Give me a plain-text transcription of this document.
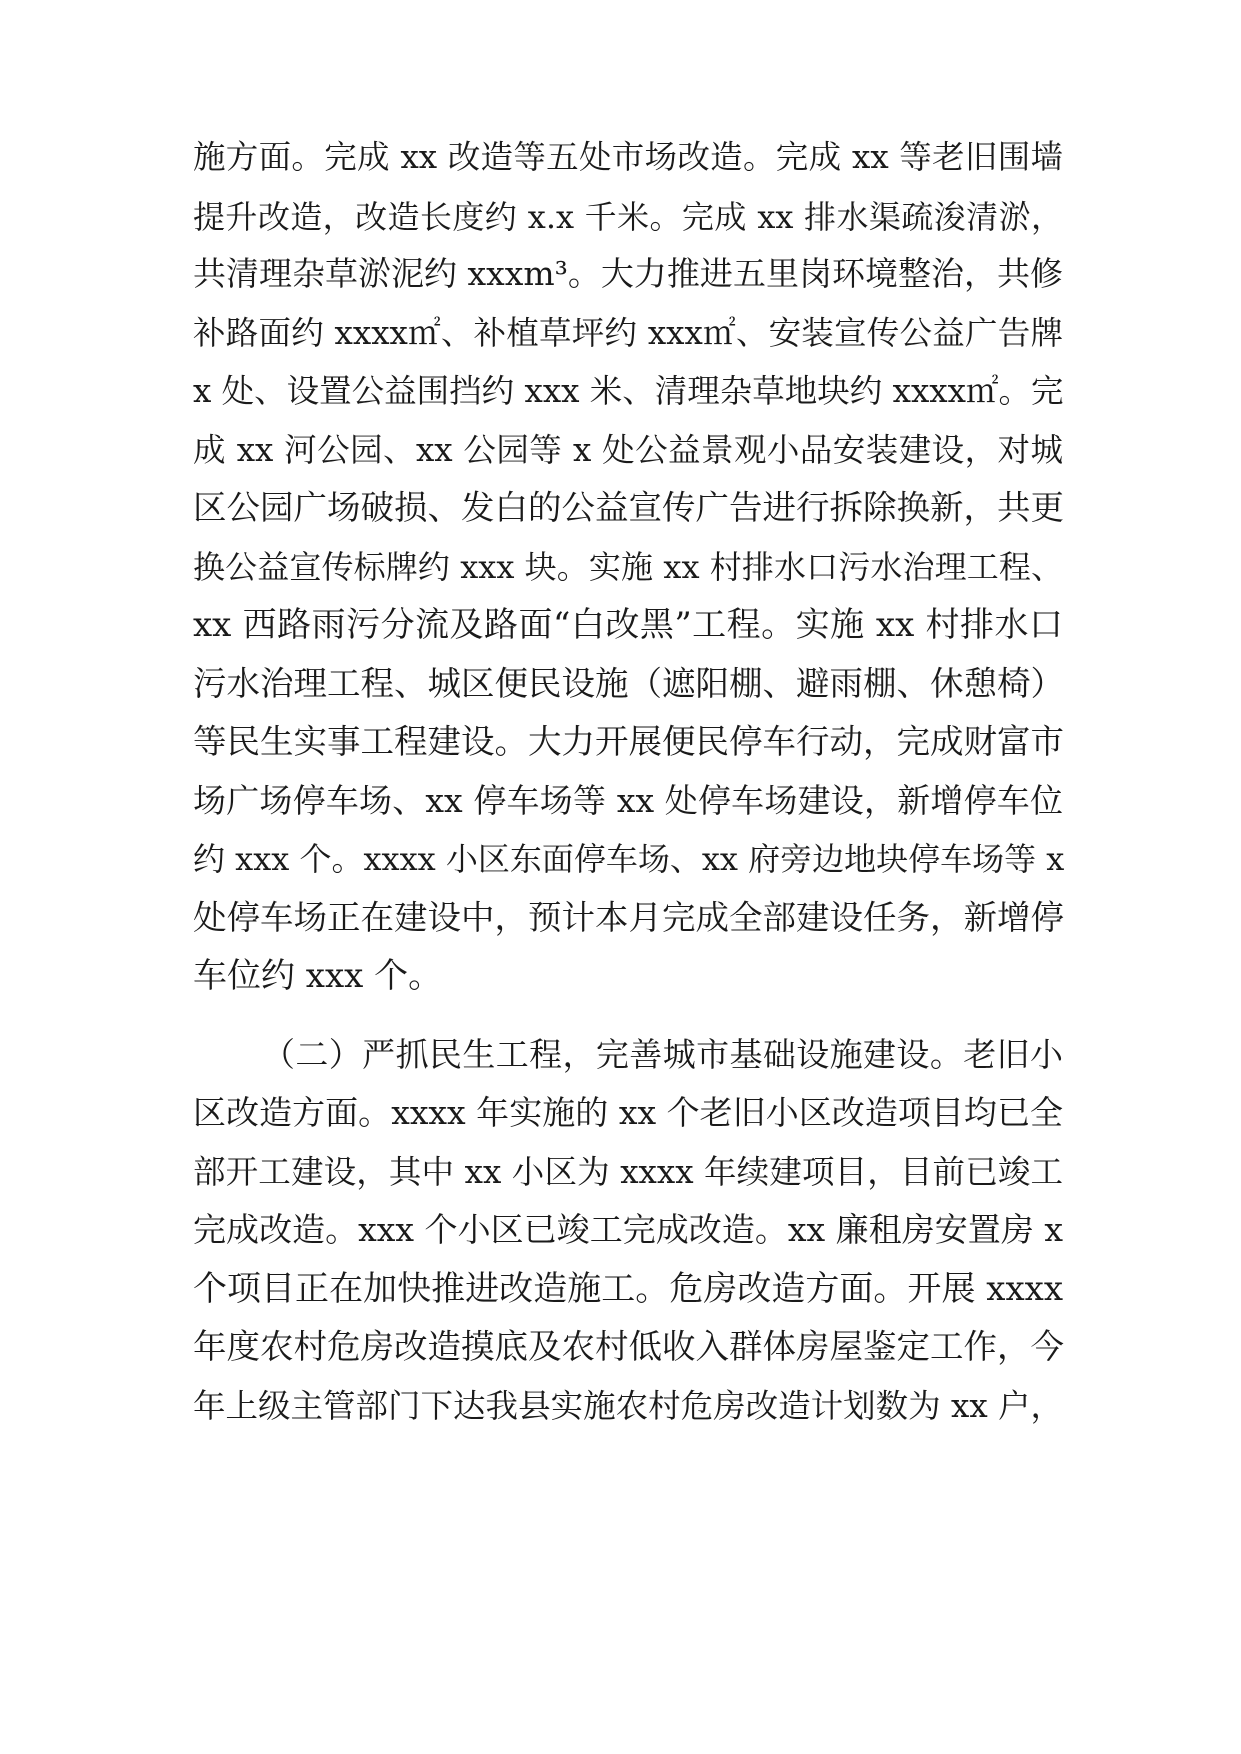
施方面。完成 xx 改造等五处市场改造。完成 xx 等老旧围墙
提升改造，改造长度约 x.x 千米。完成 xx 排水渠疏浚清淤，
共清理杂草淤泥约 xxxm³。大力推进五里岗环境整治，共修
补路面约 xxxx㎡、补植草坪约 xxx㎡、安装宣传公益广告牌
x 处、设置公益围挡约 xxx 米、清理杂草地块约 xxxx㎡。完
成 xx 河公园、xx 公园等 x 处公益景观小品安装建设，对城
区公园广场破损、发白的公益宣传广告进行拆除换新，共更
换公益宣传标牌约 xxx 块。实施 xx 村排水口污水治理工程、
xx 西路雨污分流及路面“白改黑”工程。实施 xx 村排水口
污水治理工程、城区便民设施（遮阳棚、避雨棚、休憩椅）
等民生实事工程建设。大力开展便民停车行动，完成财富市
场广场停车场、xx 停车场等 xx 处停车场建设，新增停车位
约 xxx 个。xxxx 小区东面停车场、xx 府旁边地块停车场等 x
处停车场正在建设中，预计本月完成全部建设任务，新增停
车位约 xxx 个。
（二）严抓民生工程，完善城市基础设施建设。老旧小
区改造方面。xxxx 年实施的 xx 个老旧小区改造项目均已全
部开工建设，其中 xx 小区为 xxxx 年续建项目，目前已竣工
完成改造。xxx 个小区已竣工完成改造。xx 廉租房安置房 x
个项目正在加快推进改造施工。危房改造方面。开展 xxxx
年度农村危房改造摸底及农村低收入群体房屋鉴定工作，今
年上级主管部门下达我县实施农村危房改造计划数为 xx 户，
